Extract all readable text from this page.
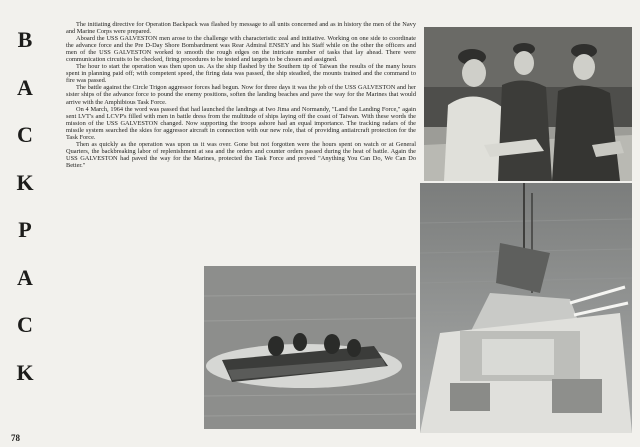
B
A
C
K
P
A
C
K

The initiating directive for Operation Backpack was flashed by message to all units concerned and as in history the men of the Navy and Marine Corps were prepared.

Aboard the USS GALVESTON men arose to the challenge with characteristic zeal and initiative. Working on one side to coordinate the advance force and the Pre D-Day Shore Bombardment was Rear Admiral ENSEY and his Staff while on the other the officers and men of the USS GALVESTON worked to smooth the rough edges on the intricate number of tasks that lay ahead. There were communication circuits to be checked, firing procedures to be tested and targets to be chosen and assigned.

The hour to start the operation was then upon us. As the ship flashed by the Southern tip of Taiwan the results of the many hours spent in planning paid off; with competent speed, the firing data was passed, the ship steadied, the mounts trained and the command to fire was passed.

The battle against the Circle Trigon aggressor forces had begun. Now for three days it was the job of the USS GALVESTON and her sister ships of the advance force to pound the enemy positions, soften the landing beaches and pave the way for the Marines that would arrive with the Amphibious Task Force.

On 4 March, 1964 the word was passed that had launched the landings at Iwo Jima and Normandy, "Land the Landing Force," again sent LVT's and LCVP's filled with men in battle dress from the multitude of ships laying off the coast of Taiwan. With these words the mission of the USS GALVESTON changed. Now supporting the troops ashore had an equal importance. The tracking radars of the missile system searched the skies for aggressor aircraft in connection with our new role, that of providing antiaircraft protection for the Task Force.

Then as quickly as the operation was upon us it was over. Gone but not forgotten were the hours spent on watch or at General Quarters, the backbreaking labor of replenishment at sea and the orders and counter orders passed during the heat of battle. Again the USS GALVESTON had paved the way for the Marines, protected the Task Force and proved "Anything You Can Do, We Can Do Better."

78
